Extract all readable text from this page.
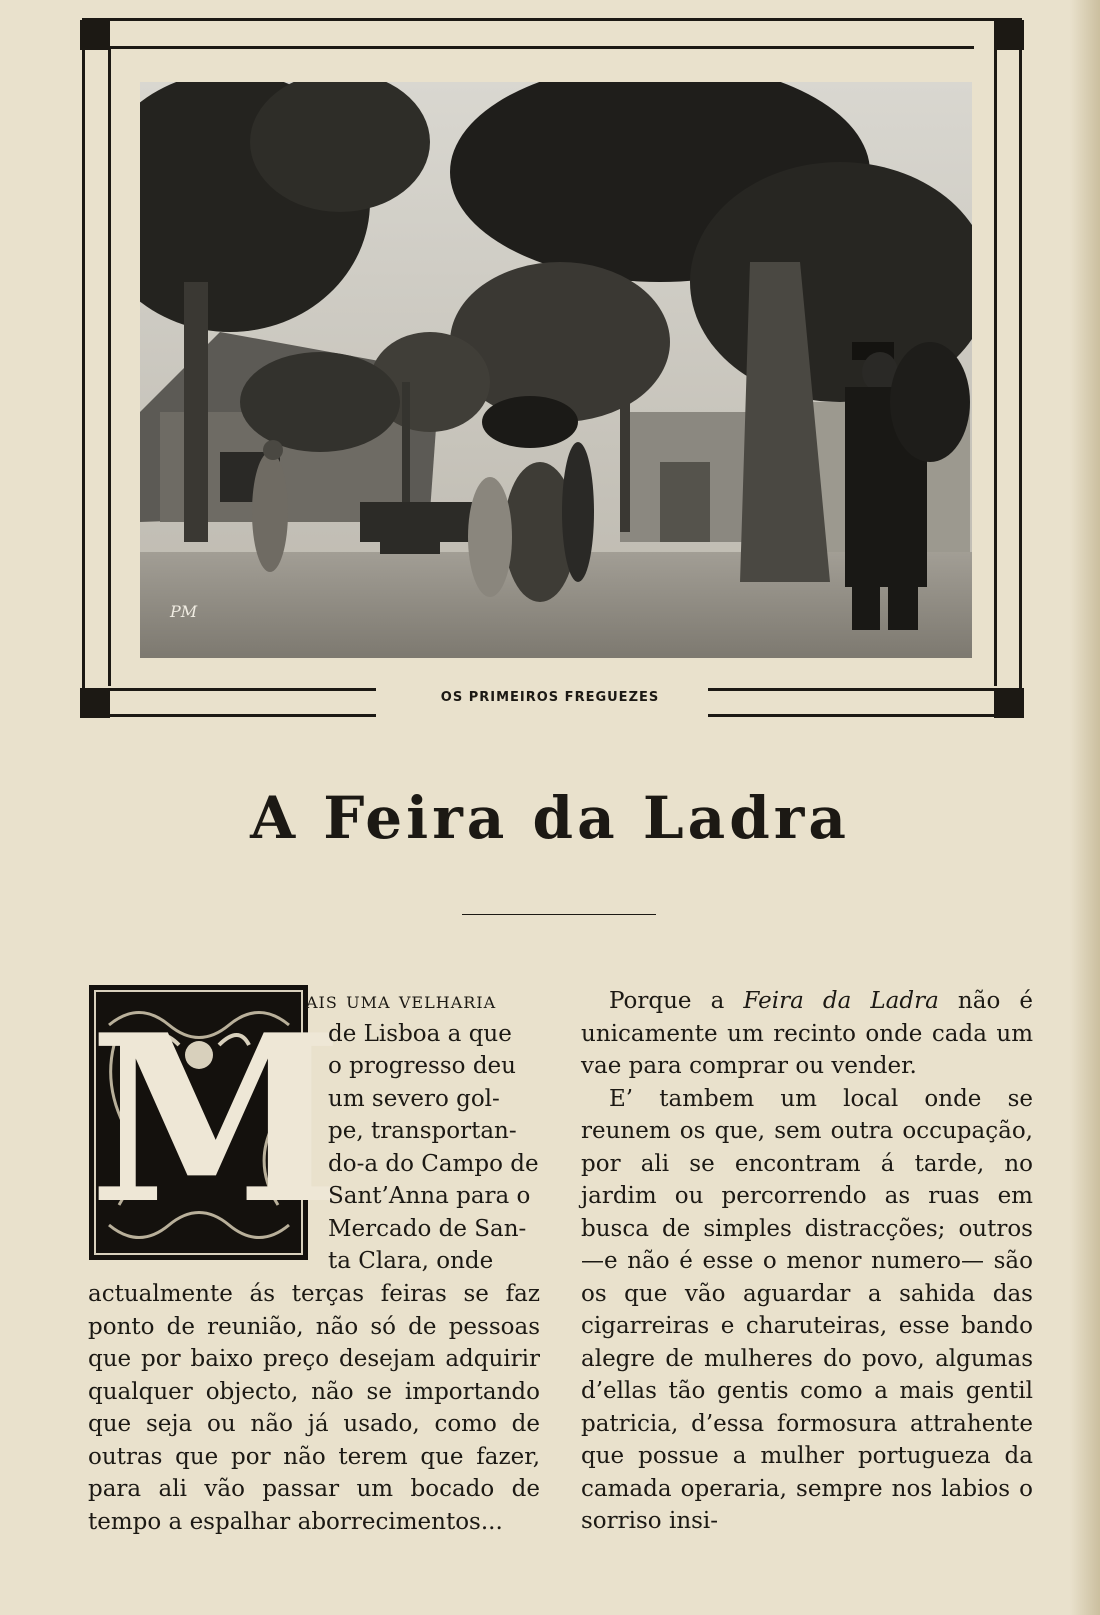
PM
OS PRIMEIROS FREGUEZES
A Feira da Ladra
M
ais uma velharia
de Lisboa a que
o progresso deu
um severo gol-
pe, transportan-
do-a do Campo de
Sant’Anna para o
Mercado de San-
ta Clara, onde

actualmente ás terças feiras se faz ponto de reunião, não só de pessoas que por baixo preço desejam adquirir qualquer objecto, não se importando que seja ou não já usado, como de outras que por não terem que fazer, para ali vão passar um bocado de tempo a espalhar aborrecimentos...

Porque a Feira da Ladra não é unicamente um recinto onde cada um vae para comprar ou vender.

E’ tambem um local onde se reunem os que, sem outra occupação, por ali se encontram á tarde, no jardim ou percorrendo as ruas em busca de simples distracções; outros —e não é esse o menor numero— são os que vão aguardar a sahida das cigarreiras e charuteiras, esse bando alegre de mulheres do povo, algumas d’ellas tão gentis como a mais gentil patricia, d’essa formosura attrahente que possue a mulher portugueza da camada operaria, sempre nos labios o sorriso insi-
